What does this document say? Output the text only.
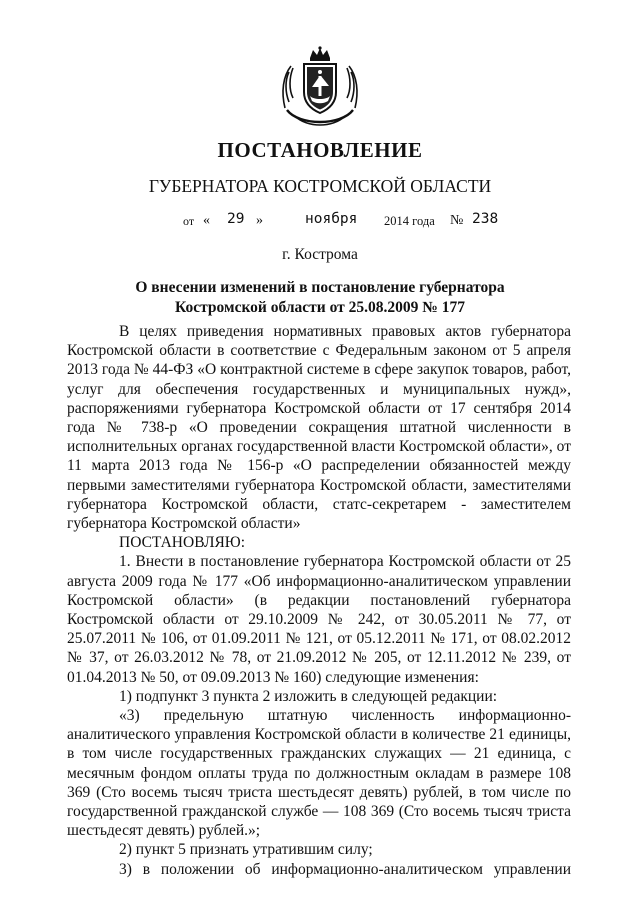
ПОСТАНОВЛЕНИЕ
ГУБЕРНАТОРА КОСТРОМСКОЙ ОБЛАСТИ
от « 29 »	ноября 2014 года № 238
г. Кострома
О внесении изменений в постановление губернатора
Костромской области от 25.08.2009 № 177

В целях приведения нормативных правовых актов губернатора Костромской области в соответствие с Федеральным законом от 5 апреля 2013 года № 44-ФЗ «О контрактной системе в сфере закупок товаров, работ, услуг для обеспечения государственных и муниципальных нужд», распоряжениями губернатора Костромской области от 17 сентября 2014 года № 738-р «О проведении сокращения штатной численности в исполнительных органах государственной власти Костромской области», от 11 марта 2013 года № 156-р «О распределении обязанностей между первыми заместителями губернатора Костромской области, заместителями губернатора Костромской области, статс-секретарем - заместителем губернатора Костромской области»

ПОСТАНОВЛЯЮ:

1. Внести в постановление губернатора Костромской области от 25 августа 2009 года № 177 «Об информационно-аналитическом управлении Костромской области» (в редакции постановлений губернатора Костромской области от 29.10.2009 № 242, от 30.05.2011 № 77, от 25.07.2011 № 106, от 01.09.2011 № 121, от 05.12.2011 № 171, от 08.02.2012 № 37, от 26.03.2012 № 78, от 21.09.2012 № 205, от 12.11.2012 № 239, от 01.04.2013 № 50, от 09.09.2013 № 160) следующие изменения:

1) подпункт 3 пункта 2 изложить в следующей редакции:

«3) предельную штатную численность информационно-аналитического управления Костромской области в количестве 21 единицы, в том числе государственных гражданских служащих — 21 единица, с месячным фондом оплаты труда по должностным окладам в размере 108 369 (Сто восемь тысяч триста шестьдесят девять) рублей, в том числе по государственной гражданской службе — 108 369 (Сто восемь тысяч триста шестьдесят девять) рублей.»;

2) пункт 5 признать утратившим силу;

3) в положении об информационно-аналитическом управлении
